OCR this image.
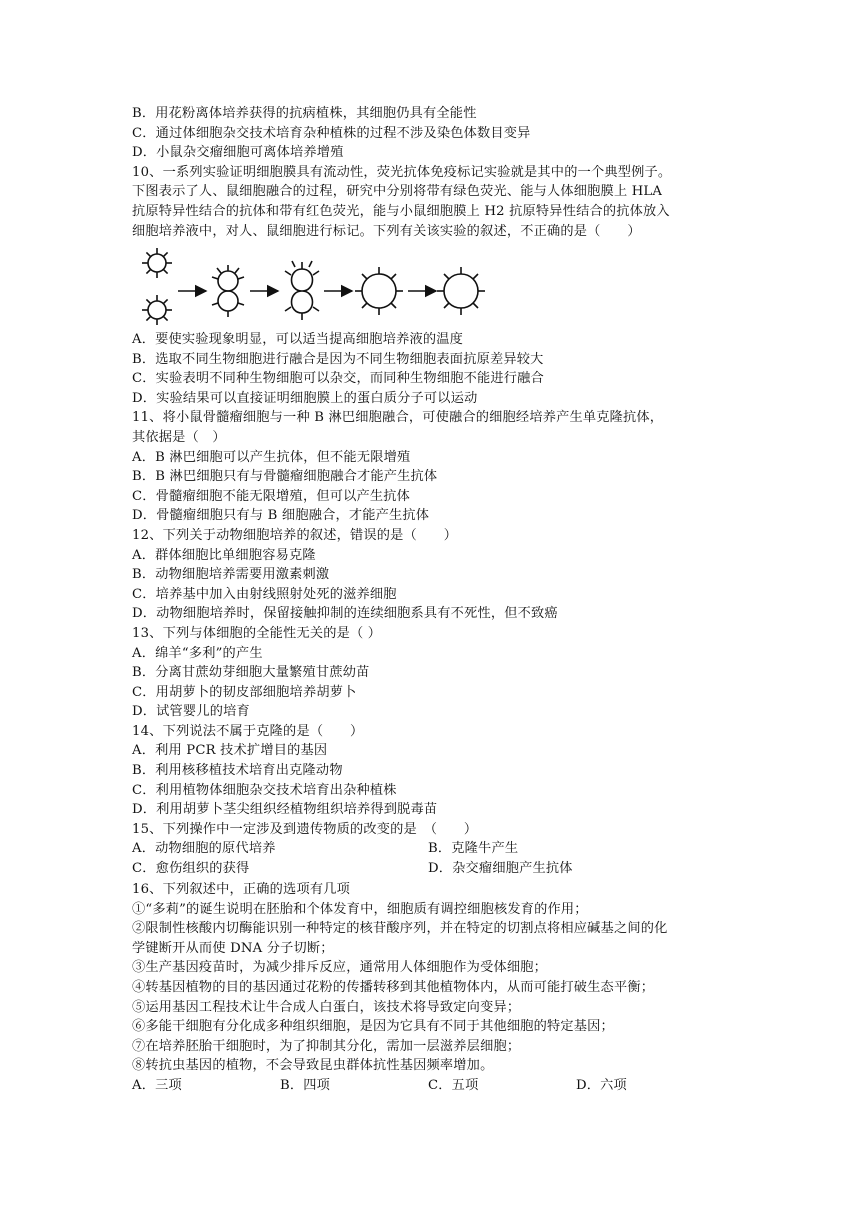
B．用花粉离体培养获得的抗病植株，其细胞仍具有全能性
C．通过体细胞杂交技术培育杂种植株的过程不涉及染色体数目变异
D．小鼠杂交瘤细胞可离体培养增殖
10、一系列实验证明细胞膜具有流动性，荧光抗体免疫标记实验就是其中的一个典型例子。
下图表示了人、鼠细胞融合的过程，研究中分别将带有绿色荧光、能与人体细胞膜上 HLA
抗原特异性结合的抗体和带有红色荧光，能与小鼠细胞膜上 H2 抗原特异性结合的抗体放入
细胞培养液中，对人、鼠细胞进行标记。下列有关该实验的叙述，不正确的是（　　）
A．要使实验现象明显，可以适当提高细胞培养液的温度
B．选取不同生物细胞进行融合是因为不同生物细胞表面抗原差异较大
C．实验表明不同种生物细胞可以杂交，而同种生物细胞不能进行融合
D．实验结果可以直接证明细胞膜上的蛋白质分子可以运动
11、将小鼠骨髓瘤细胞与一种 B 淋巴细胞融合，可使融合的细胞经培养产生单克隆抗体，
其依据是（　）
A．B 淋巴细胞可以产生抗体，但不能无限增殖
B．B 淋巴细胞只有与骨髓瘤细胞融合才能产生抗体
C．骨髓瘤细胞不能无限增殖，但可以产生抗体
D．骨髓瘤细胞只有与 B 细胞融合，才能产生抗体
12、下列关于动物细胞培养的叙述，错误的是（　　）
A．群体细胞比单细胞容易克隆
B．动物细胞培养需要用激素刺激
C．培养基中加入由射线照射处死的滋养细胞
D．动物细胞培养时，保留接触抑制的连续细胞系具有不死性，但不致癌
13、下列与体细胞的全能性无关的是（ ）
A．绵羊“多利”的产生
B．分离甘蔗幼芽细胞大量繁殖甘蔗幼苗
C．用胡萝卜的韧皮部细胞培养胡萝卜
D．试管婴儿的培育
14、下列说法不属于克隆的是（　　）
A．利用 PCR 技术扩增目的基因
B．利用核移植技术培育出克隆动物
C．利用植物体细胞杂交技术培育出杂种植株
D．利用胡萝卜茎尖组织经植物组织培养得到脱毒苗
15、下列操作中一定涉及到遗传物质的改变的是　（　　）
A．动物细胞的原代培养	B．克隆牛产生
C．愈伤组织的获得	D．杂交瘤细胞产生抗体
16、下列叙述中，正确的选项有几项
①“多莉”的诞生说明在胚胎和个体发育中，细胞质有调控细胞核发育的作用；
②限制性核酸内切酶能识别一种特定的核苷酸序列，并在特定的切割点将相应碱基之间的化
学键断开从而使 DNA 分子切断；
③生产基因疫苗时，为减少排斥反应，通常用人体细胞作为受体细胞；
④转基因植物的目的基因通过花粉的传播转移到其他植物体内，从而可能打破生态平衡；
⑤运用基因工程技术让牛合成人白蛋白，该技术将导致定向变异；
⑥多能干细胞有分化成多种组织细胞，是因为它具有不同于其他细胞的特定基因；
⑦在培养胚胎干细胞时，为了抑制其分化，需加一层滋养层细胞；
⑧转抗虫基因的植物，不会导致昆虫群体抗性基因频率增加。
A．三项	B．四项	C．五项	D．六项
